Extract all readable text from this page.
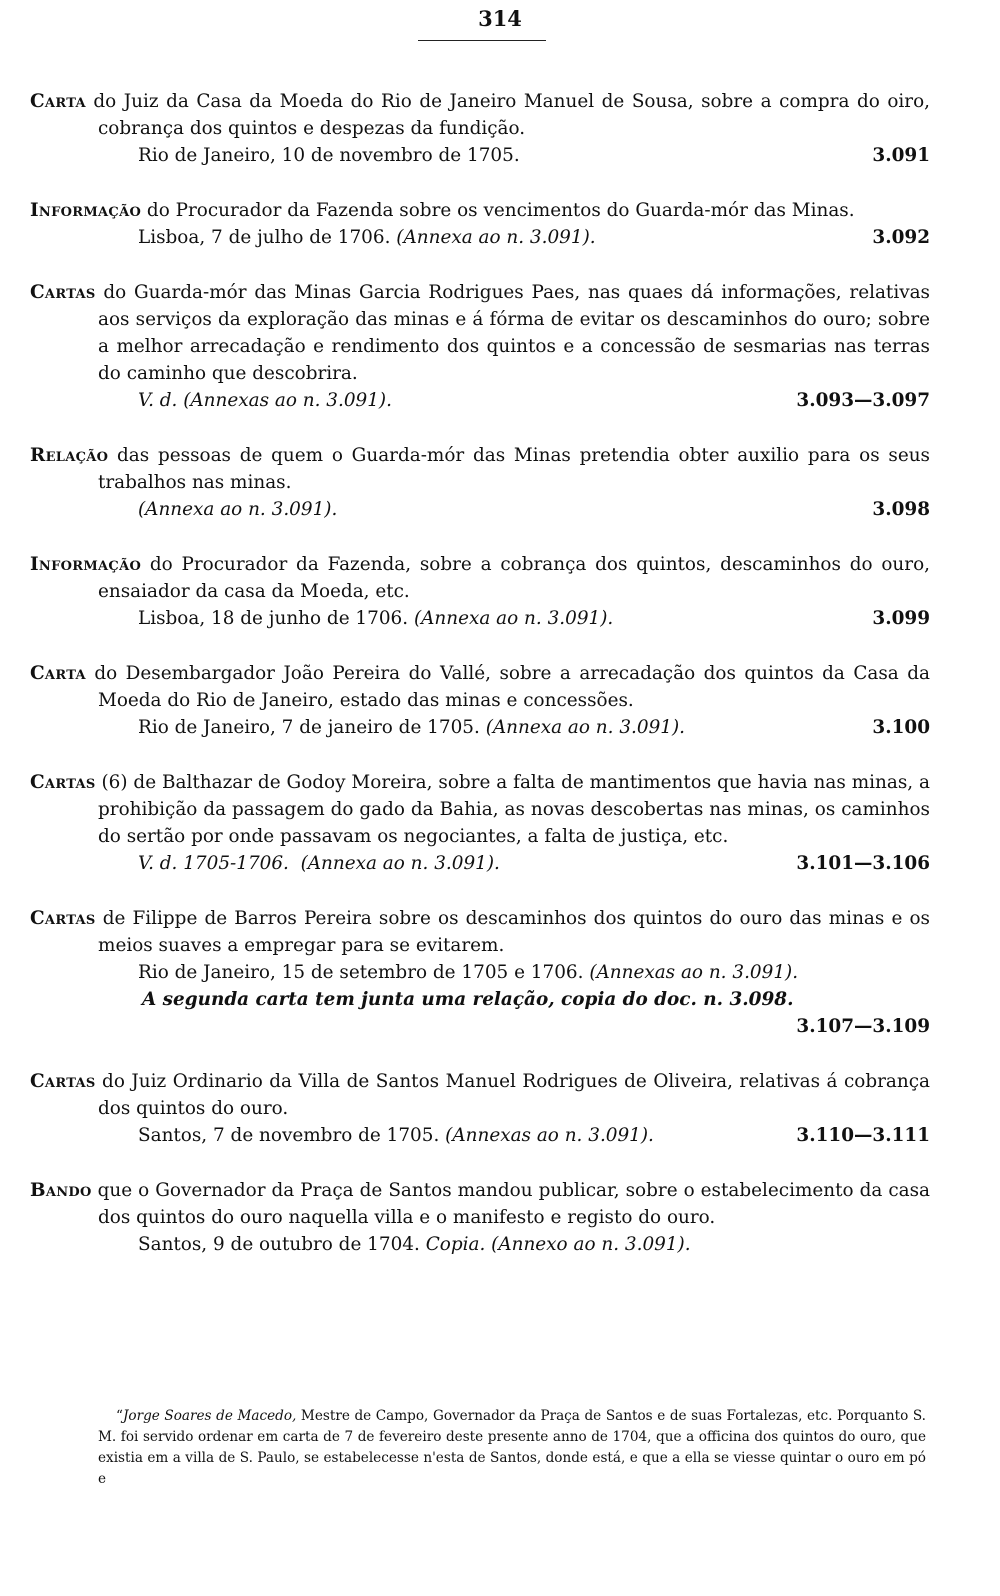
314
Carta do Juiz da Casa da Moeda do Rio de Janeiro Manuel de Sousa, sobre a compra do oiro, cobrança dos quintos e despezas da fundição.
Rio de Janeiro, 10 de novembro de 1705.	3.091
Informação do Procurador da Fazenda sobre os vencimentos do Guarda-mór das Minas.
Lisboa, 7 de julho de 1706. (Annexa ao n. 3.091).	3.092
Cartas do Guarda-mór das Minas Garcia Rodrigues Paes, nas quaes dá informações, relativas aos serviços da exploração das minas e á fórma de evitar os descaminhos do ouro; sobre a melhor arrecadação e rendimento dos quintos e a concessão de sesmarias nas terras do caminho que descobrira.
V. d. (Annexas ao n. 3.091).	3.093—3.097
Relação das pessoas de quem o Guarda-mór das Minas pretendia obter auxilio para os seus trabalhos nas minas.
(Annexa ao n. 3.091).	3.098
Informação do Procurador da Fazenda, sobre a cobrança dos quintos, descaminhos do ouro, ensaiador da casa da Moeda, etc.
Lisboa, 18 de junho de 1706. (Annexa ao n. 3.091).	3.099
Carta do Desembargador João Pereira do Vallé, sobre a arrecadação dos quintos da Casa da Moeda do Rio de Janeiro, estado das minas e concessões.
Rio de Janeiro, 7 de janeiro de 1705. (Annexa ao n. 3.091).	3.100
Cartas (6) de Balthazar de Godoy Moreira, sobre a falta de mantimentos que havia nas minas, a prohibição da passagem do gado da Bahia, as novas descobertas nas minas, os caminhos do sertão por onde passavam os negociantes, a falta de justiça, etc.
V. d. 1705-1706. (Annexa ao n. 3.091).	3.101—3.106
Cartas de Filippe de Barros Pereira sobre os descaminhos dos quintos do ouro das minas e os meios suaves a empregar para se evitarem.
Rio de Janeiro, 15 de setembro de 1705 e 1706. (Annexas ao n. 3.091).
A segunda carta tem junta uma relação, copia do doc. n. 3.098.
3.107—3.109
Cartas do Juiz Ordinario da Villa de Santos Manuel Rodrigues de Oliveira, relativas á cobrança dos quintos do ouro.
Santos, 7 de novembro de 1705. (Annexas ao n. 3.091).	3.110—3.111
Bando que o Governador da Praça de Santos mandou publicar, sobre o estabelecimento da casa dos quintos do ouro naquella villa e o manifesto e registo do ouro.
Santos, 9 de outubro de 1704. Copia. (Annexo ao n. 3.091).
“Jorge Soares de Macedo, Mestre de Campo, Governador da Praça de Santos e de suas Fortalezas, etc. Porquanto S. M. foi servido ordenar em carta de 7 de fevereiro deste presente anno de 1704, que a officina dos quintos do ouro, que existia em a villa de S. Paulo, se estabelecesse n'esta de Santos, donde está, e que a ella se viesse quintar o ouro em pó e
